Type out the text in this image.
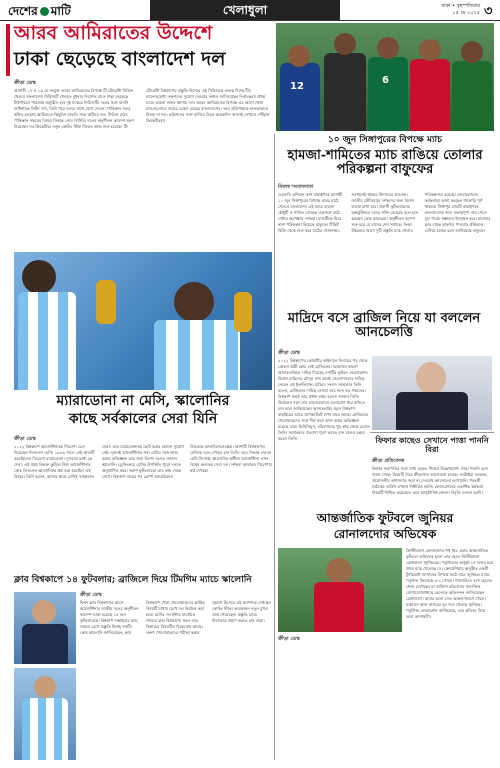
দেশের মাটি	খেলাধুলা	ঢাকা • বৃহস্পতিবার
১৫ মে ২০২৫ ৩
আরব আমিরাতের উদ্দেশে
ঢাকা ছেড়েছে বাংলাদেশ দল
ক্রীড়া ডেস্ক
আগামী ১৭ ও ১৯ মে সংযুক্ত আরব আমিরাতের বিপক্ষে টি-টোয়েন্টি সিরিজ খেলবে বাংলাদেশ। সিরিজটি খেলতে বুধবার দিবাগত রাতে ঢাকা ছেড়েছে টাইগাররা। শারজায় অনুষ্ঠিত হবে দুই ম্যাচের সিরিজটি। দলের সঙ্গে যাননি অধিনায়ক লিটন দাস, তিনি পরে দলের সাথে যোগ দেবেন। পাকিস্তান সফর স্থগিত হওয়ায় আমিরাতে কিছুদিন বাড়তি সময় কাটাবে দল। সিরিজ শেষে পাকিস্তান সফরের বিষয়ে সিদ্ধান্ত নেবে বিসিবি। দলের অনুশীলন ক্যাম্পে অংশ নিয়েছেন সব ক্রিকেটার। নতুন কোচিং স্টাফ নিয়েও কাজ শুরু হয়েছে। টি-টোয়েন্টি বিশ্বকাপের প্রস্তুতি হিসেবে এই সিরিজকে গুরুত্ব দিচ্ছে টিম ম্যানেজমেন্ট। তরুণদের সুযোগ দেওয়ার কথাও জানিয়েছেন নির্বাচকরা। প্রথম ম্যাচে ভালো শুরুর আশায় দল। আরব আমিরাতের বিপক্ষে এর আগে খেলা ম্যাচগুলোতে জয়ের রেকর্ড রয়েছে বাংলাদেশের। তবে প্রতিপক্ষকে হালকাভাবে নিচ্ছে না দল। কন্ডিশনের সঙ্গে মানিয়ে নিতে কয়েকদিন আগেই সেখানে পৌঁছাল ক্রিকেটাররা।
12
6
১০ জুন সিঙ্গাপুরের বিপক্ষে ম্যাচ
হামজা-শামিতের ম্যাচ রাঙিয়ে তোলার পরিকল্পনা বাফুফের
নিজস্ব সংবাদদাতা
এএফসি এশিয়ান কাপ বাছাইপর্বে আগামী ১০ জুন সিঙ্গাপুরের বিপক্ষে ঘরের মাঠে খেলবে বাংলাদেশ। এই ম্যাচে হামজা চৌধুরী ও শামিত সোমকে একসঙ্গে মাঠে দেখার অপেক্ষায় দর্শকরা। ম্যাচটিকে ঘিরে নানা পরিকল্পনা নিয়েছে বাফুফে। টিকিট বিক্রি থেকে শুরু করে মাঠের সাজসজ্জা, সবখানেই থাকবে উৎসবের আমেজ। জাতীয় স্টেডিয়ামে দর্শকদের জন্য বিশেষ ব্যবস্থা রাখা হবে। প্রবাসী ফুটবলারদের অন্তর্ভুক্তিতে দলের শক্তি বেড়েছে বলে মনে করছেন কোচ কাবরেরা। অনুশীলন ক্যাম্প শুরু হবে মে মাসের শেষ সপ্তাহে। ফিফা উইন্ডোর আগে দুটি প্রস্তুতি ম্যাচ খেলার পরিকল্পনাও রয়েছে। ফেডারেশনের কর্মকর্তারা আশা করছেন গ্যালারি পূর্ণ থাকবে। সিঙ্গাপুর ম্যাচটি বাছাইপর্বে বাংলাদেশের জন্য গুরুত্বপূর্ণ। জয় পেলে মূল পর্বের সম্ভাবনা উজ্জ্বল হবে। হামজার ক্লাব থেকে ছাড়পত্র পাওয়ার প্রক্রিয়াও এগিয়ে চলছে বলে জানিয়েছে বাফুফে।
মাদ্রিদে বসে ব্রাজিল নিয়ে যা বললেন আনচেলত্তি
ক্রীড়া ডেস্ক
২০২২ বিশ্বকাপের কোয়ার্টার ফাইনালে বিদায়ের পর থেকে কোনো স্থায়ী কোচ নেই ব্রাজিলের। অবশেষে কার্লো আনচেলত্তিকে দায়িত্ব দিয়েছে দেশটির ফুটবল ফেডারেশন। রিয়াল মাদ্রিদের মৌসুম শেষ করেই সেলেসাওদের দায়িত্ব নেবেন এই ইতালিয়ান। মাদ্রিদে সংবাদ সম্মেলনে তিনি বলেন, ব্রাজিলের দায়িত্ব নেওয়া তার জন্য বড় সম্মানের। বিশ্বকাপ জয়ই তার প্রধান লক্ষ্য বলেও জানান তিনি। রিয়ালের সঙ্গে শেষ ম্যাচগুলোতে মনোযোগ ধরে রাখতে চান বলে জানিয়েছেন আনচেলত্তি। জুনে বিশ্বকাপ বাছাইয়ের ম্যাচে ডাগআউটে দেখা যাবে তাকে। ব্রাজিলের খেলোয়াড়দের সঙ্গে দীর্ঘ সময় কাজ করার অভিজ্ঞতা রয়েছে তার। ভিনিসিয়ুস, রদ্রিগোদের খুব কাছ থেকে চেনেন তিনি। সমর্থকদের প্রত্যাশা পূরণ করতে চান বলেও মন্তব্য করেন তিনি।	ফিফার কাছেও সেখানে পাত্তা পাননি বিরা
ক্রীড়া প্রতিবেদক
ফিফার সভাপতির সঙ্গে দেখা করতে গিয়েও উল্লেখযোগ্য সাড়া পাননি বলে জানা গেছে। বিষয়টি নিয়ে ক্রীড়াঙ্গনে আলোচনা চলছে। সংশ্লিষ্টরা বলছেন, প্রয়োজনীয় কাগজপত্র জমা না দেওয়ায় আলোচনা এগোয়নি। পরবর্তী বৈঠকের তারিখ এখনো নির্ধারিত হয়নি। ফেডারেশনের একাধিক কর্মকর্তা বিষয়টি নিশ্চিত করেছেন। তবে আনুষ্ঠানিক কোনো বিবৃতি দেওয়া হয়নি।
ম্যারাডোনা না মেসি, স্কালোনির
কাছে সর্বকালের সেরা যিনি
ক্রীড়া ডেস্ক
২০২২ বিশ্বকাপে আর্জেন্টিনাকে শিরোপা এনে দিয়েছেন লিওনেল মেসি। ১৯৮৬ সালে সেই কাজটি করেছিলেন দিয়েগো ম্যারাডোনা। দুজনের মধ্যে কে সেরা, এই প্রশ্নে বিভক্ত ফুটবল বিশ্ব। আর্জেন্টিনার কোচ লিওনেল স্কালোনিকে প্রশ্ন করা হয়েছিল এই বিষয়ে। তিনি বলেন, আমার কাছে মেসিই সর্বকালের সেরা। তবে ম্যারাডোনাকে ছোট করার কোনো সুযোগ নেই। দুজনই আর্জেন্টিনার গর্ব। মেসির সঙ্গে কাজ করার অভিজ্ঞতা তার জন্য বিশেষ বলেও জানান স্কালোনি। ড্রেসিংরুমে মেসির উপস্থিতি পুরো দলকে অনুপ্রাণিত করে। তরুণ ফুটবলাররা তার কাছ থেকে শেখে। বিশ্বকাপ জয়ের পর কোপা আমেরিকাও জিতেছে আলবিসেলেস্তেরা। আগামী বিশ্বকাপেও মেসিকে দলে দেখতে চান তিনি। তবে সিদ্ধান্ত নেবেন মেসি নিজেই। স্কালোনির অধীনে আর্জেন্টিনা এখন বিশ্বের অন্যতম সেরা দল। দর্শকরা আবারও শিরোপার স্বপ্ন দেখছে।
আন্তর্জাতিক ফুটবলে জুনিয়র
রোনালদোর অভিষেক
ক্রিস্টিয়ানো রোনালদোর পথ ধরে এবার আন্তর্জাতিক ফুটবলে অভিষেক হলো তার ছেলে ক্রিস্টিয়ানো রোনালদো জুনিয়রের। পর্তুগালের অনূর্ধ্ব-১৫ দলের হয়ে প্রথম ম্যাচ খেলেছে সে। ক্রোয়েশিয়ায় অনুষ্ঠিত একটি টুর্নামেন্টে জাপানের বিপক্ষে মাঠে নামে জুনিয়র। ম্যাচে পর্তুগাল জিতেছে ৪-১ গোলে। গ্যালারিতে বসে ছেলের খেলা দেখেছেন মা জর্জিনা রদ্রিগেজ। সামাজিক যোগাযোগমাধ্যমে ছেলেকে অভিনন্দন জানিয়েছেন রোনালদো। বাবার মতো সেও আক্রমণভাগে খেলে। বর্তমানে আল নাসরের যুব দলে খেলছে জুনিয়র। পর্তুগিজ ফেডারেশন জানিয়েছে, তার প্রতিভা নিয়ে তারা আশাবাদী।
ক্রীড়া ডেস্ক
ক্লাব বিশ্বকাপে ১৪ ফুটবলার; ব্রাজিলে দিয়ে টিমগিম ম্যাচে স্কালোনি
ক্রীড়া ডেস্ক
ফিফা ক্লাব বিশ্বকাপের আগে আর্জেন্টিনার জাতীয় দলের অনুশীলন ক্যাম্পে ডাকা হয়েছে ১৪ জন ফুটবলারকে। বিশ্বকাপ বাছাইয়ের ম্যাচ সামনে রেখে প্রস্তুতি নিচ্ছে দলটি। কোচ স্কালোনি জানিয়েছেন, ক্লাব বিশ্বকাপে খেলা খেলোয়াড়দের ক্লান্তির বিষয়টি মাথায় রেখে দল নির্বাচন করা হবে। মেসির দল ইন্টার মায়ামিও খেলবে ক্লাব বিশ্বকাপে। ফলে তার বিশ্রামের বিষয়টিও বিবেচনায় আছে। তরুণ খেলোয়াড়দের পরীক্ষা করার সুযোগ হিসেবে এই ক্যাম্পকে দেখছেন কোচিং স্টাফ। কয়েকজন নতুন মুখও ডাক পেয়েছেন। প্রস্তুতি ম্যাচে নিজেদের প্রমাণ করতে চান তারা।
